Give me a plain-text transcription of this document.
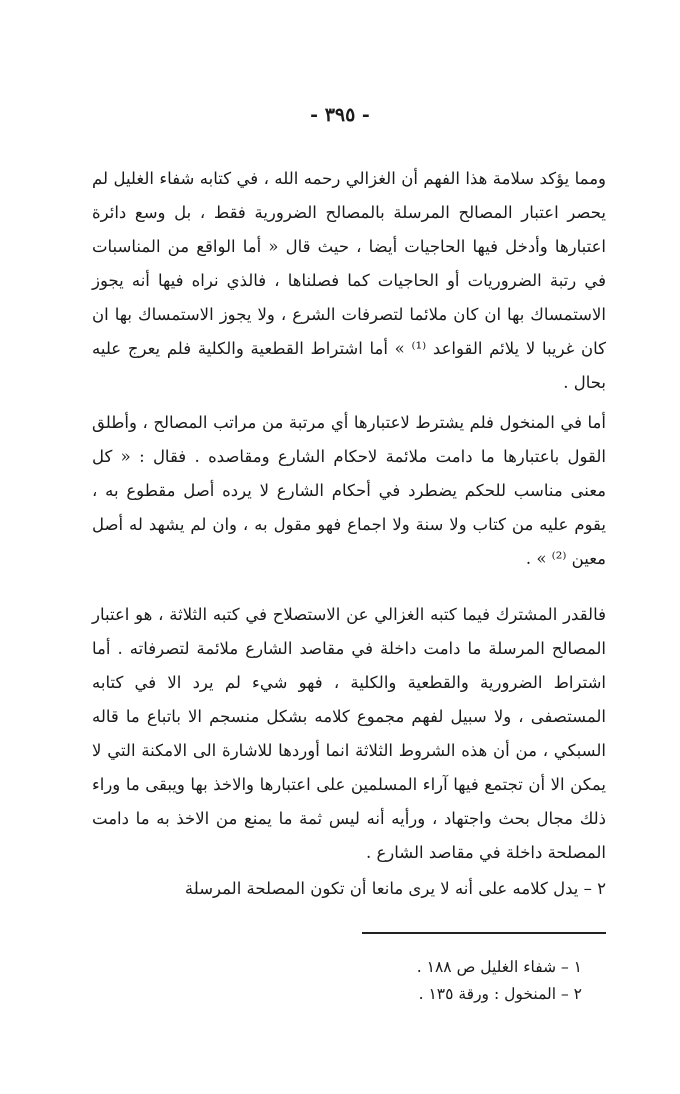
- ٣٩٥ -

ومما يؤكد سلامة هذا الفهم أن الغزالي رحمه الله ، في كتابه شفاء الغليل لم يحصر اعتبار المصالح المرسلة بالمصالح الضرورية فقط ، بل وسع دائرة اعتبارها وأدخل فيها الحاجيات أيضا ، حيث قال « أما الواقع من المناسبات في رتبة الضروريات أو الحاجيات كما فصلناها ، فالذي نراه فيها أنه يجوز الاستمساك بها ان كان ملائما لتصرفات الشرع ، ولا يجوز الاستمساك بها ان كان غريبا لا يلائم القواعد ⁽¹⁾ » أما اشتراط القطعية والكلية فلم يعرج عليه بحال .

أما في المنخول فلم يشترط لاعتبارها أي مرتبة من مراتب المصالح ، وأطلق القول باعتبارها ما دامت ملائمة لاحكام الشارع ومقاصده . فقال : « كل معنى مناسب للحكم يضطرد في أحكام الشارع لا يرده أصل مقطوع به ، يقوم عليه من كتاب ولا سنة ولا اجماع فهو مقول به ، وان لم يشهد له أصل معين ⁽²⁾ » .

فالقدر المشترك فيما كتبه الغزالي عن الاستصلاح في كتبه الثلاثة ، هو اعتبار المصالح المرسلة ما دامت داخلة في مقاصد الشارع ملائمة لتصرفاته . أما اشتراط الضرورية والقطعية والكلية ، فهو شيء لم يرد الا في كتابه المستصفى ، ولا سبيل لفهم مجموع كلامه بشكل منسجم الا باتباع ما قاله السبكي ، من أن هذه الشروط الثلاثة انما أوردها للاشارة الى الامكنة التي لا يمكن الا أن تجتمع فيها آراء المسلمين على اعتبارها والاخذ بها ويبقى ما وراء ذلك مجال بحث واجتهاد ، ورأيه أنه ليس ثمة ما يمنع من الاخذ به ما دامت المصلحة داخلة في مقاصد الشارع .

٢ – يدل كلامه على أنه لا يرى مانعا أن تكون المصلحة المرسلة

١ – شفاء الغليل ص ١٨٨ .
٢ – المنخول : ورقة ١٣٥ .
